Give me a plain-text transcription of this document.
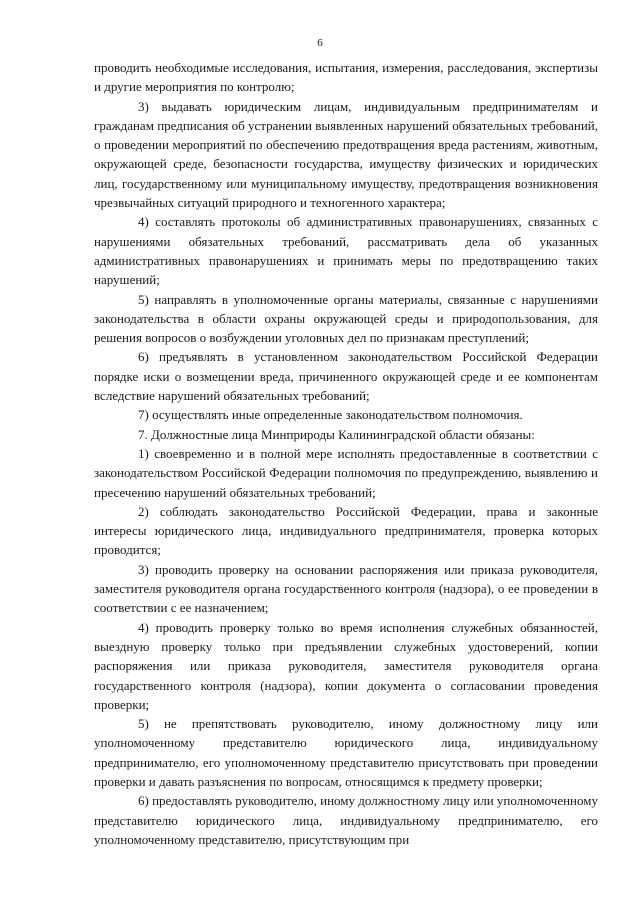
6

проводить необходимые исследования, испытания, измерения, расследования, экспертизы и другие мероприятия по контролю;

3) выдавать юридическим лицам, индивидуальным предпринимателям и гражданам предписания об устранении выявленных нарушений обязательных требований, о проведении мероприятий по обеспечению предотвращения вреда растениям, животным, окружающей среде, безопасности государства, имуществу физических и юридических лиц, государственному или муниципальному имуществу, предотвращения возникновения чрезвычайных ситуаций природного и техногенного характера;

4) составлять протоколы об административных правонарушениях, связанных с нарушениями обязательных требований, рассматривать дела об указанных административных правонарушениях и принимать меры по предотвращению таких нарушений;

5) направлять в уполномоченные органы материалы, связанные с нарушениями законодательства в области охраны окружающей среды и природопользования, для решения вопросов о возбуждении уголовных дел по признакам преступлений;

6) предъявлять в установленном законодательством Российской Федерации порядке иски о возмещении вреда, причиненного окружающей среде и ее компонентам вследствие нарушений обязательных требований;

7) осуществлять иные определенные законодательством полномочия.

7. Должностные лица Минприроды Калининградской области обязаны:

1) своевременно и в полной мере исполнять предоставленные в соответствии с законодательством Российской Федерации полномочия по предупреждению, выявлению и пресечению нарушений обязательных требований;

2) соблюдать законодательство Российской Федерации, права и законные интересы юридического лица, индивидуального предпринимателя, проверка которых проводится;

3) проводить проверку на основании распоряжения или приказа руководителя, заместителя руководителя органа государственного контроля (надзора), о ее проведении в соответствии с ее назначением;

4) проводить проверку только во время исполнения служебных обязанностей, выездную проверку только при предъявлении служебных удостоверений, копии распоряжения или приказа руководителя, заместителя руководителя органа государственного контроля (надзора), копии документа о согласовании проведения проверки;

5) не препятствовать руководителю, иному должностному лицу или уполномоченному представителю юридического лица, индивидуальному предпринимателю, его уполномоченному представителю присутствовать при проведении проверки и давать разъяснения по вопросам, относящимся к предмету проверки;

6) предоставлять руководителю, иному должностному лицу или уполномоченному представителю юридического лица, индивидуальному предпринимателю, его уполномоченному представителю, присутствующим при
